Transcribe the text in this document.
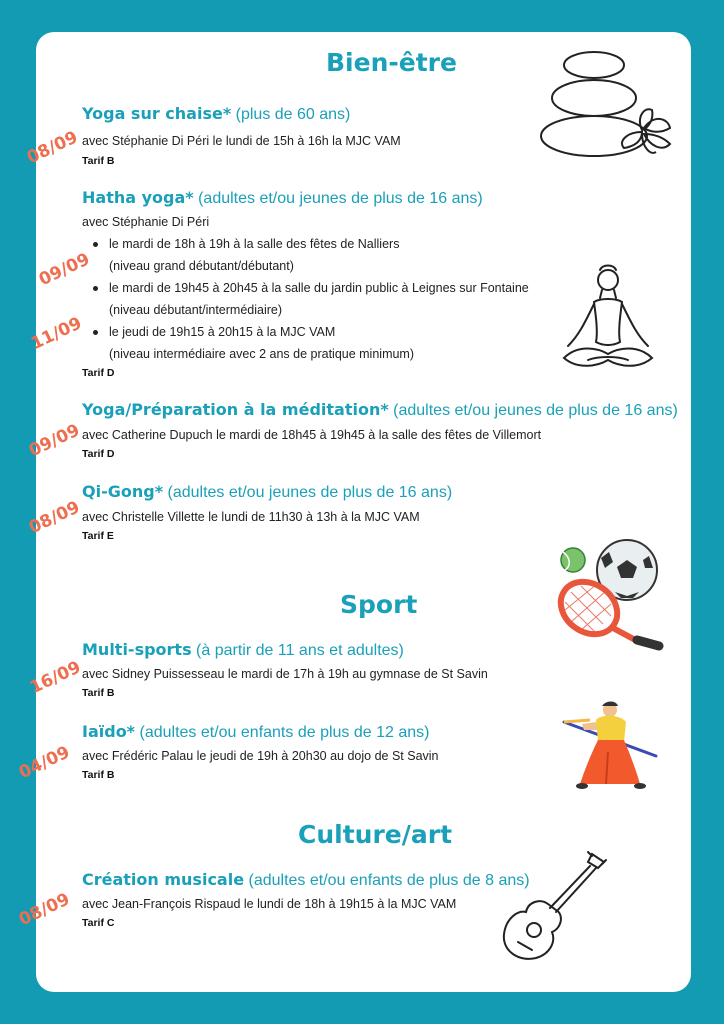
Bien-être
Yoga sur chaise* (plus de 60 ans)
avec Stéphanie Di Péri le lundi de 15h à 16h la MJC VAM
Tarif B
08/09
Hatha yoga* (adultes et/ou jeunes de plus de 16 ans)
avec Stéphanie Di Péri
le mardi de 18h à 19h à la salle des fêtes de Nalliers
(niveau grand débutant/débutant)
le mardi de 19h45 à 20h45 à la salle du jardin public à Leignes sur Fontaine
(niveau débutant/intermédiaire)
le jeudi de 19h15 à 20h15 à la MJC VAM
(niveau intermédiaire avec 2 ans de pratique minimum)
Tarif D
09/09
11/09
Yoga/Préparation à la méditation* (adultes et/ou jeunes de plus de 16 ans)
avec Catherine Dupuch le mardi de 18h45 à 19h45 à la salle des fêtes de Villemort
Tarif D
09/09
Qi-Gong* (adultes et/ou jeunes de plus de 16 ans)
avec Christelle Villette le lundi de 11h30 à 13h à la MJC VAM
Tarif E
08/09
Sport
Multi-sports (à partir de 11 ans et adultes)
avec Sidney Puissesseau le mardi de 17h à 19h au gymnase de St Savin
Tarif B
16/09
Iaïdo* (adultes et/ou enfants de plus de 12 ans)
avec Frédéric Palau le jeudi de 19h à 20h30 au dojo de St Savin
Tarif B
04/09
Culture/art
Création musicale (adultes et/ou enfants de plus de 8 ans)
avec Jean-François Rispaud le lundi de 18h à 19h15 à la MJC VAM
Tarif C
08/09
